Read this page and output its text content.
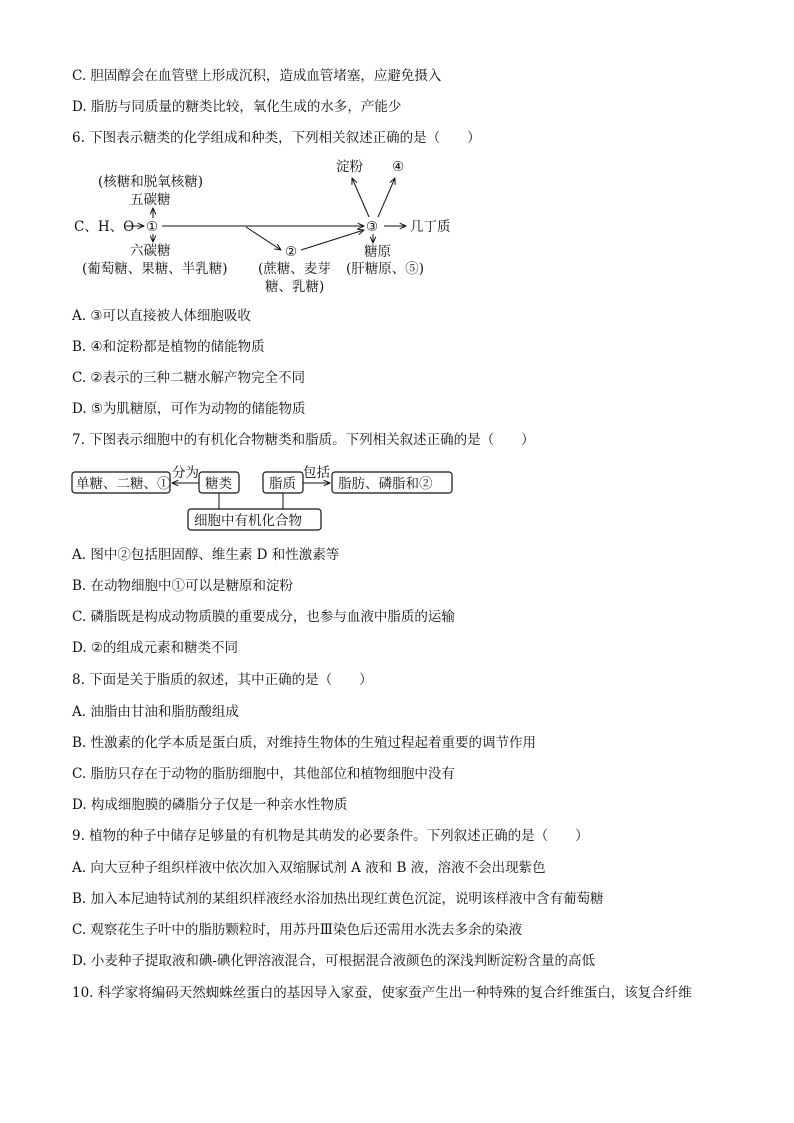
C. 胆固醇会在血管壁上形成沉积，造成血管堵塞，应避免摄入
D. 脂肪与同质量的糖类比较，氧化生成的水多，产能少
6. 下图表示糖类的化学组成和种类，下列相关叙述正确的是（　　）
(核糖和脱氧核糖)
五碳糖
C、H、O ①
六碳糖
(葡萄糖、果糖、半乳糖)
②
(蔗糖、麦芽
糖、乳糖)
淀粉 ④
③ 几丁质
糖原
(肝糖原、⑤)
A. ③可以直接被人体细胞吸收
B. ④和淀粉都是植物的储能物质
C. ②表示的三种二糖水解产物完全不同
D. ⑤为肌糖原，可作为动物的储能物质
7. 下图表示细胞中的有机化合物糖类和脂质。下列相关叙述正确的是（　　）
单糖、二糖、①
分为
糖类	脂质
包括
脂肪、磷脂和②
细胞中有机化合物
A. 图中②包括胆固醇、维生素 D 和性激素等
B. 在动物细胞中①可以是糖原和淀粉
C. 磷脂既是构成动物质膜的重要成分，也参与血液中脂质的运输
D. ②的组成元素和糖类不同
8. 下面是关于脂质的叙述，其中正确的是（　　）
A. 油脂由甘油和脂肪酸组成
B. 性激素的化学本质是蛋白质，对维持生物体的生殖过程起着重要的调节作用
C. 脂肪只存在于动物的脂肪细胞中，其他部位和植物细胞中没有
D. 构成细胞膜的磷脂分子仅是一种亲水性物质
9. 植物的种子中储存足够量的有机物是其萌发的必要条件。下列叙述正确的是（　　）
A. 向大豆种子组织样液中依次加入双缩脲试剂 A 液和 B 液，溶液不会出现紫色
B. 加入本尼迪特试剂的某组织样液经水浴加热出现红黄色沉淀，说明该样液中含有葡萄糖
C. 观察花生子叶中的脂肪颗粒时，用苏丹Ⅲ染色后还需用水洗去多余的染液
D. 小麦种子提取液和碘-碘化钾溶液混合，可根据混合液颜色的深浅判断淀粉含量的高低
10. 科学家将编码天然蜘蛛丝蛋白的基因导入家蚕，使家蚕产生出一种特殊的复合纤维蛋白，该复合纤维
